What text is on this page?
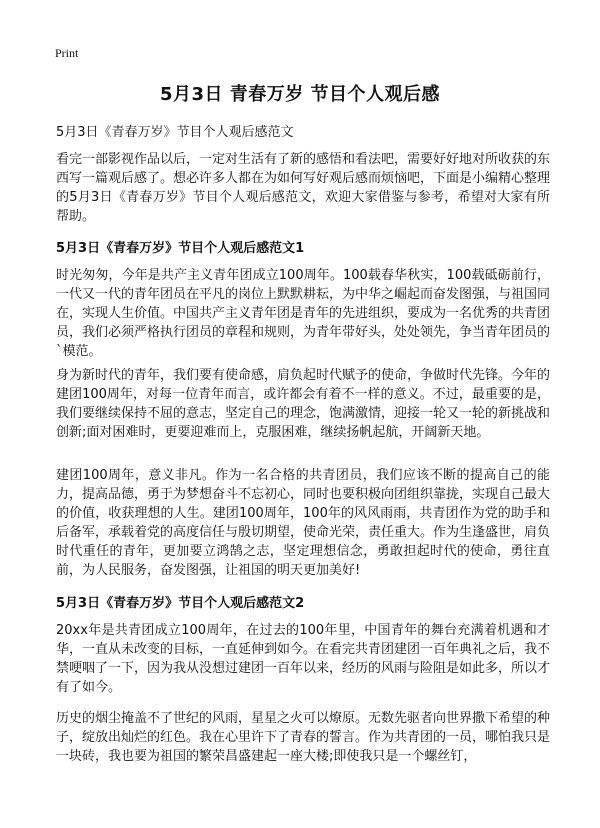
Print
5月3日 青春万岁 节目个人观后感
5月3日《青春万岁》节目个人观后感范文
看完一部影视作品以后，一定对生活有了新的感悟和看法吧，需要好好地对所收获的东西写一篇观后感了。想必许多人都在为如何写好观后感而烦恼吧，下面是小编精心整理的5月3日《青春万岁》节目个人观后感范文，欢迎大家借鉴与参考，希望对大家有所帮助。
5月3日《青春万岁》节目个人观后感范文1
时光匆匆，今年是共产主义青年团成立100周年。100载春华秋实，100载砥砺前行，一代又一代的青年团员在平凡的岗位上默默耕耘，为中华之崛起而奋发图强，与祖国同在，实现人生价值。中国共产主义青年团是青年的先进组织，要成为一名优秀的共青团员，我们必须严格执行团员的章程和规则，为青年带好头，处处领先，争当青年团员的`模范。
身为新时代的青年，我们要有使命感，肩负起时代赋予的使命，争做时代先锋。今年的建团100周年，对每一位青年而言，或许都会有着不一样的意义。不过，最重要的是，我们要继续保持不屈的意志，坚定自己的理念，饱满激情，迎接一轮又一轮的新挑战和创新;面对困难时，更要迎难而上，克服困难，继续扬帆起航，开阔新天地。
建团100周年，意义非凡。作为一名合格的共青团员，我们应该不断的提高自己的能力，提高品德，勇于为梦想奋斗不忘初心，同时也要积极向团组织靠拢，实现自己最大的价值，收获理想的人生。建团100周年，100年的风风雨雨，共青团作为党的助手和后备军，承载着党的高度信任与殷切期望，使命光荣，责任重大。作为生逢盛世，肩负时代重任的青年，更加要立鸿鹄之志，坚定理想信念，勇敢担起时代的使命，勇往直前，为人民服务，奋发图强，让祖国的明天更加美好!
5月3日《青春万岁》节目个人观后感范文2
20xx年是共青团成立100周年，在过去的100年里，中国青年的舞台充满着机遇和才华，一直从未改变的目标，一直延伸到如今。在看完共青团建团一百年典礼之后，我不禁哽咽了一下，因为我从没想过建团一百年以来，经历的风雨与险阻是如此多，所以才有了如今。
历史的烟尘掩盖不了世纪的风雨，星星之火可以燎原。无数先驱者向世界撒下希望的种子，绽放出灿烂的红色。我在心里许下了青春的誓言。作为共青团的一员，哪怕我只是一块砖，我也要为祖国的繁荣昌盛建起一座大楼;即使我只是一个螺丝钉，
